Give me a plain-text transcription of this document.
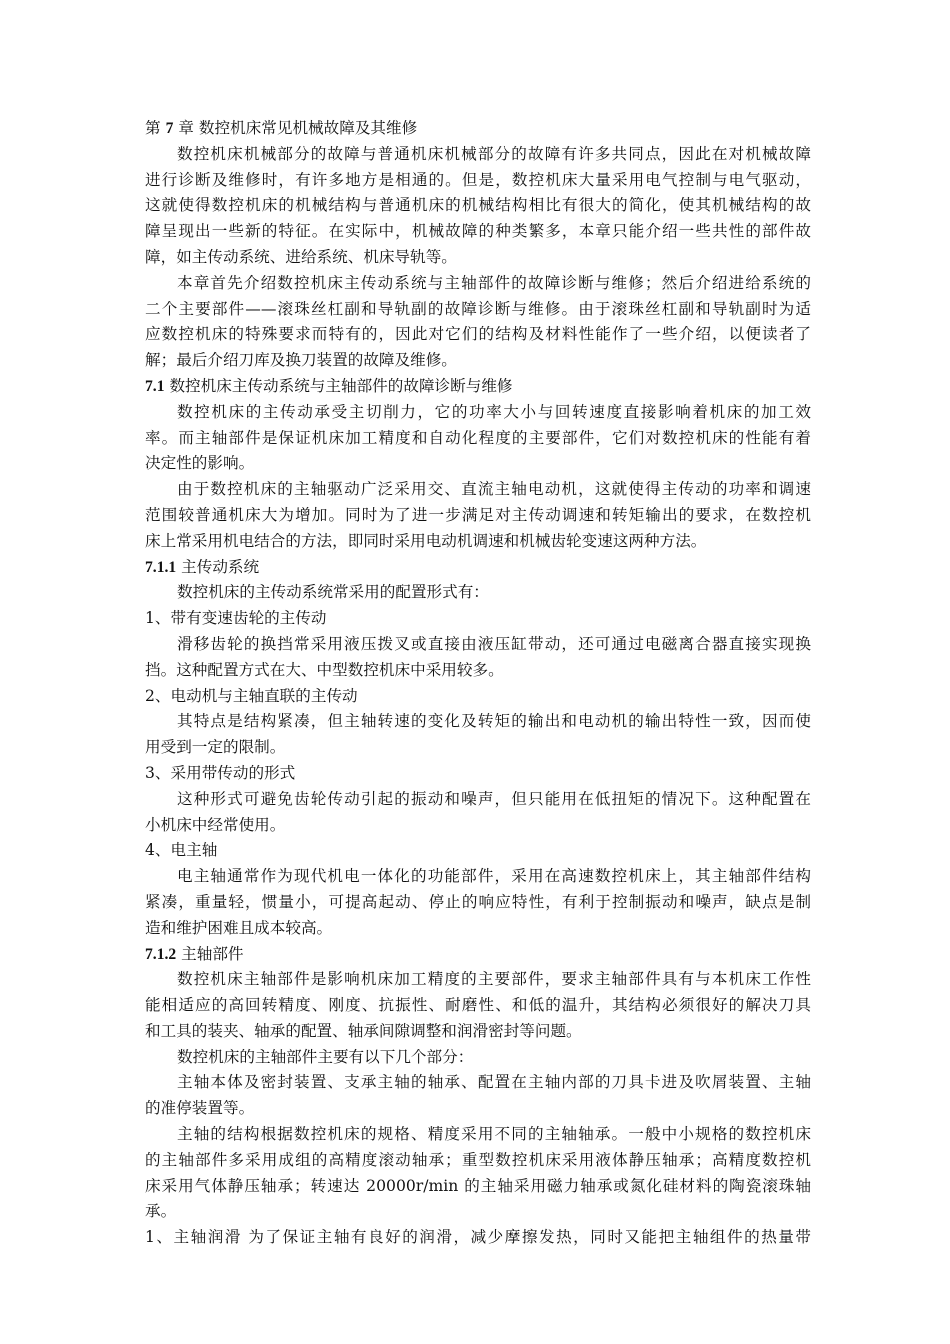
第 7 章 数控机床常见机械故障及其维修
数控机床机械部分的故障与普通机床机械部分的故障有许多共同点，因此在对机械故障
进行诊断及维修时，有许多地方是相通的。但是，数控机床大量采用电气控制与电气驱动，
这就使得数控机床的机械结构与普通机床的机械结构相比有很大的简化，使其机械结构的故
障呈现出一些新的特征。在实际中，机械故障的种类繁多，本章只能介绍一些共性的部件故
障，如主传动系统、进给系统、机床导轨等。
本章首先介绍数控机床主传动系统与主轴部件的故障诊断与维修；然后介绍进给系统的
二个主要部件——滚珠丝杠副和导轨副的故障诊断与维修。由于滚珠丝杠副和导轨副时为适
应数控机床的特殊要求而特有的，因此对它们的结构及材料性能作了一些介绍，以便读者了
解；最后介绍刀库及换刀装置的故障及维修。
7.1 数控机床主传动系统与主轴部件的故障诊断与维修
数控机床的主传动承受主切削力，它的功率大小与回转速度直接影响着机床的加工效
率。而主轴部件是保证机床加工精度和自动化程度的主要部件，它们对数控机床的性能有着
决定性的影响。
由于数控机床的主轴驱动广泛采用交、直流主轴电动机，这就使得主传动的功率和调速
范围较普通机床大为增加。同时为了进一步满足对主传动调速和转矩输出的要求，在数控机
床上常采用机电结合的方法，即同时采用电动机调速和机械齿轮变速这两种方法。
7.1.1 主传动系统
数控机床的主传动系统常采用的配置形式有：
1、带有变速齿轮的主传动
滑移齿轮的换挡常采用液压拨叉或直接由液压缸带动，还可通过电磁离合器直接实现换
挡。这种配置方式在大、中型数控机床中采用较多。
2、电动机与主轴直联的主传动
其特点是结构紧凑，但主轴转速的变化及转矩的输出和电动机的输出特性一致，因而使
用受到一定的限制。
3、采用带传动的形式
这种形式可避免齿轮传动引起的振动和噪声，但只能用在低扭矩的情况下。这种配置在
小机床中经常使用。
4、电主轴
电主轴通常作为现代机电一体化的功能部件，采用在高速数控机床上，其主轴部件结构
紧凑，重量轻，惯量小，可提高起动、停止的响应特性，有利于控制振动和噪声，缺点是制
造和维护困难且成本较高。
7.1.2 主轴部件
数控机床主轴部件是影响机床加工精度的主要部件，要求主轴部件具有与本机床工作性
能相适应的高回转精度、刚度、抗振性、耐磨性、和低的温升，其结构必须很好的解决刀具
和工具的装夹、轴承的配置、轴承间隙调整和润滑密封等问题。
数控机床的主轴部件主要有以下几个部分：
主轴本体及密封装置、支承主轴的轴承、配置在主轴内部的刀具卡进及吹屑装置、主轴
的准停装置等。
主轴的结构根据数控机床的规格、精度采用不同的主轴轴承。一般中小规格的数控机床
的主轴部件多采用成组的高精度滚动轴承；重型数控机床采用液体静压轴承；高精度数控机
床采用气体静压轴承；转速达 20000r/min 的主轴采用磁力轴承或氮化硅材料的陶瓷滚珠轴
承。
1、主轴润滑 为了保证主轴有良好的润滑，减少摩擦发热，同时又能把主轴组件的热量带
